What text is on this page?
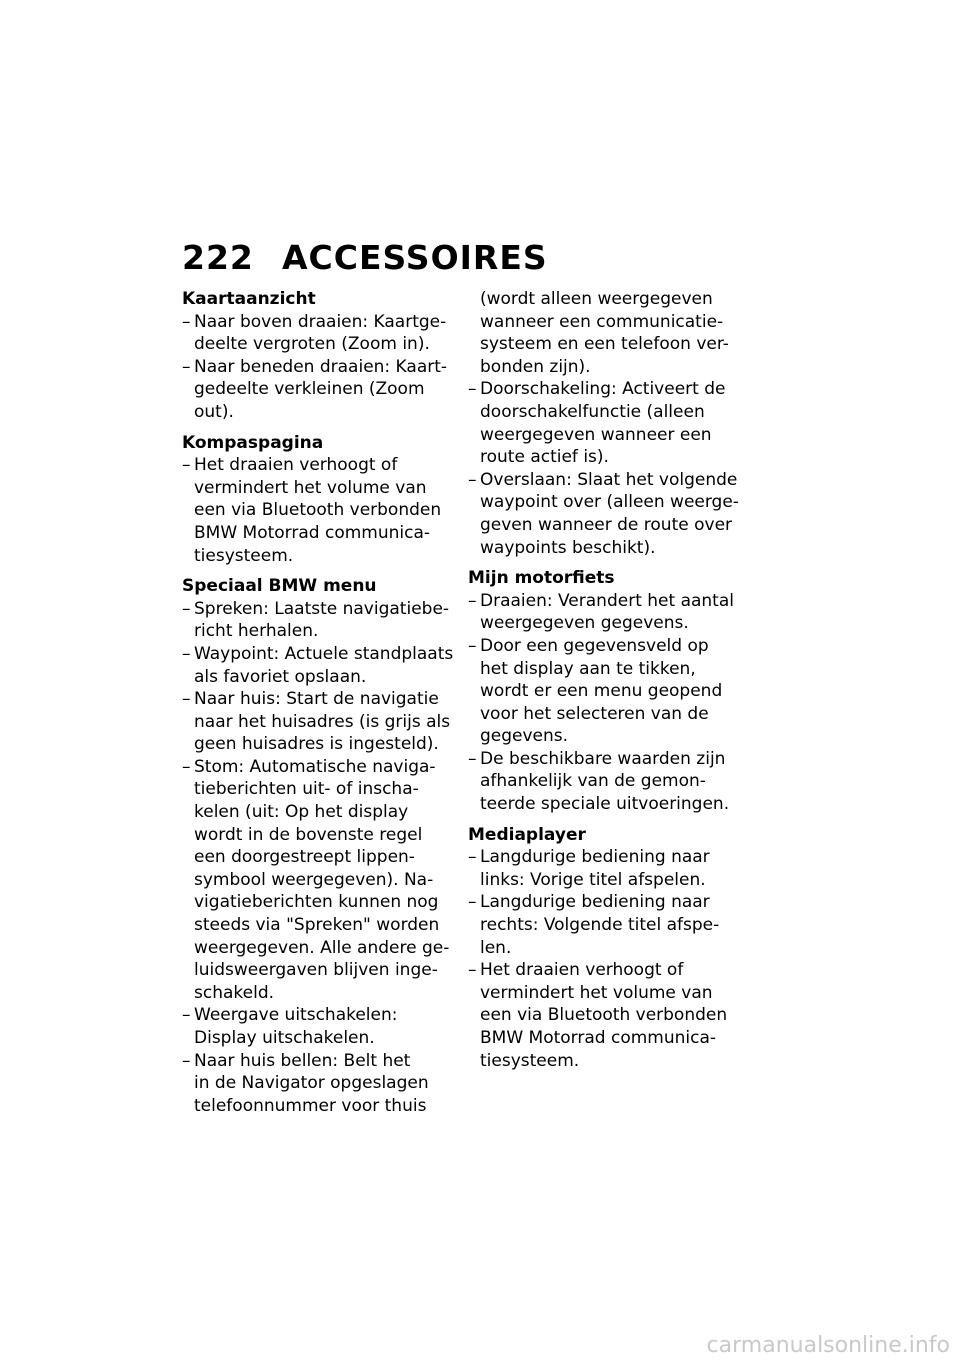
222 ACCESSOIRES
Kaartaanzicht
– Naar boven draaien: Kaartge-
deelte vergroten (Zoom in).
– Naar beneden draaien: Kaart-
gedeelte verkleinen (Zoom
out).
Kompaspagina
– Het draaien verhoogt of
vermindert het volume van
een via Bluetooth verbonden
BMW Motorrad communica-
tiesysteem.
Speciaal BMW menu
– Spreken: Laatste navigatiebe-
richt herhalen.
– Waypoint: Actuele standplaats
als favoriet opslaan.
– Naar huis: Start de navigatie
naar het huisadres (is grijs als
geen huisadres is ingesteld).
– Stom: Automatische naviga-
tieberichten uit- of inscha-
kelen (uit: Op het display
wordt in de bovenste regel
een doorgestreept lippen-
symbool weergegeven). Na-
vigatieberichten kunnen nog
steeds via "Spreken" worden
weergegeven. Alle andere ge-
luidsweergaven blijven inge-
schakeld.
– Weergave uitschakelen:
Display uitschakelen.
– Naar huis bellen: Belt het
in de Navigator opgeslagen
telefoonnummer voor thuis
(wordt alleen weergegeven
wanneer een communicatie-
systeem en een telefoon ver-
bonden zijn).
– Doorschakeling: Activeert de
doorschakelfunctie (alleen
weergegeven wanneer een
route actief is).
– Overslaan: Slaat het volgende
waypoint over (alleen weerge-
geven wanneer de route over
waypoints beschikt).
Mijn motorfiets
– Draaien: Verandert het aantal
weergegeven gegevens.
– Door een gegevensveld op
het display aan te tikken,
wordt er een menu geopend
voor het selecteren van de
gegevens.
– De beschikbare waarden zijn
afhankelijk van de gemon-
teerde speciale uitvoeringen.
Mediaplayer
– Langdurige bediening naar
links: Vorige titel afspelen.
– Langdurige bediening naar
rechts: Volgende titel afspe-
len.
– Het draaien verhoogt of
vermindert het volume van
een via Bluetooth verbonden
BMW Motorrad communica-
tiesysteem.
carmanualsonline.info
